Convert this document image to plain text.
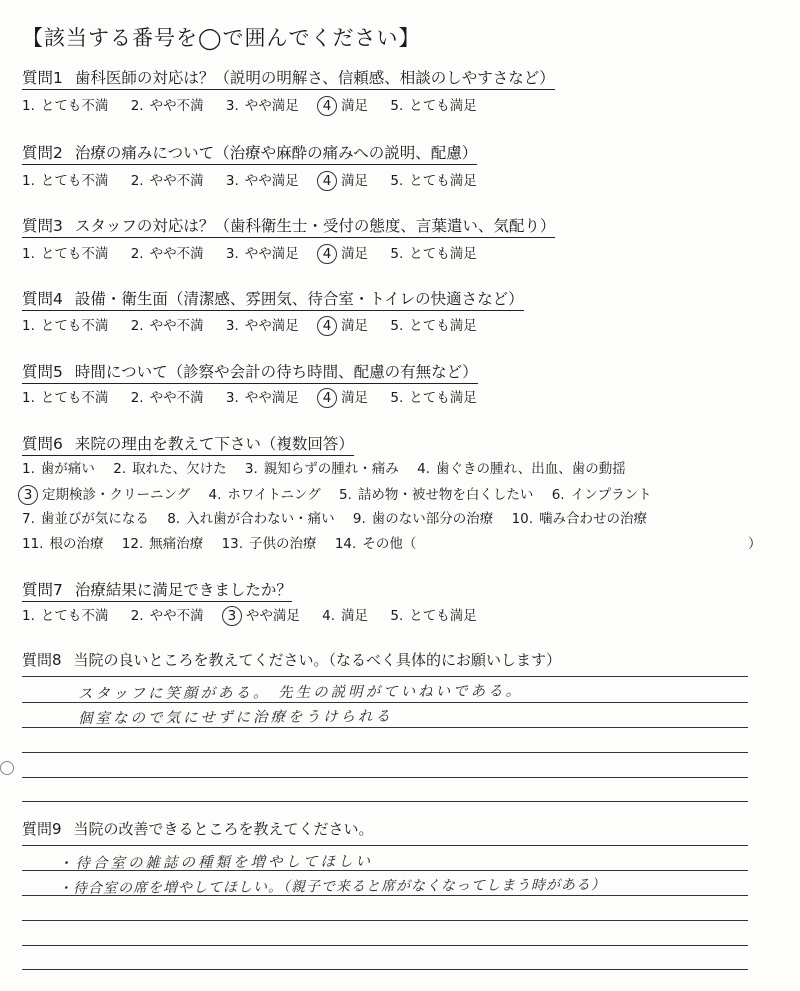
【該当する番号を◯で囲んでください】
質問1 歯科医師の対応は？（説明の明解さ、信頼感、相談のしやすさなど）
1. とても不満 2. やや不満 3. やや満足 4 満足 5. とても満足
質問2 治療の痛みについて（治療や麻酔の痛みへの説明、配慮）
1. とても不満 2. やや不満 3. やや満足 4 満足 5. とても満足
質問3 スタッフの対応は？（歯科衛生士・受付の態度、言葉遣い、気配り）
1. とても不満 2. やや不満 3. やや満足 4 満足 5. とても満足
質問4 設備・衛生面（清潔感、雰囲気、待合室・トイレの快適さなど）
1. とても不満 2. やや不満 3. やや満足 4 満足 5. とても満足
質問5 時間について（診察や会計の待ち時間、配慮の有無など）
1. とても不満 2. やや不満 3. やや満足 4 満足 5. とても満足
質問6 来院の理由を教えて下さい（複数回答）
1. 歯が痛い 2. 取れた、欠けた 3. 親知らずの腫れ・痛み 4. 歯ぐきの腫れ、出血、歯の動揺
3 定期検診・クリーニング 4. ホワイトニング 5. 詰め物・被せ物を白くしたい 6. インプラント
7. 歯並びが気になる 8. 入れ歯が合わない・痛い 9. 歯のない部分の治療 10. 噛み合わせの治療
11. 根の治療 12. 無痛治療 13. 子供の治療 14. その他（	）
質問7 治療結果に満足できましたか？
1. とても不満 2. やや不満 3 やや満足 4. 満足 5. とても満足
質問8 当院の良いところを教えてください。（なるべく具体的にお願いします）
スタッフに笑顔がある。 先生の説明がていねいである。
個室なので気にせずに治療をうけられる
質問9 当院の改善できるところを教えてください。
・待合室の雑誌の種類を増やしてほしい
・待合室の席を増やしてほしい。（親子で来ると席がなくなってしまう時がある）
